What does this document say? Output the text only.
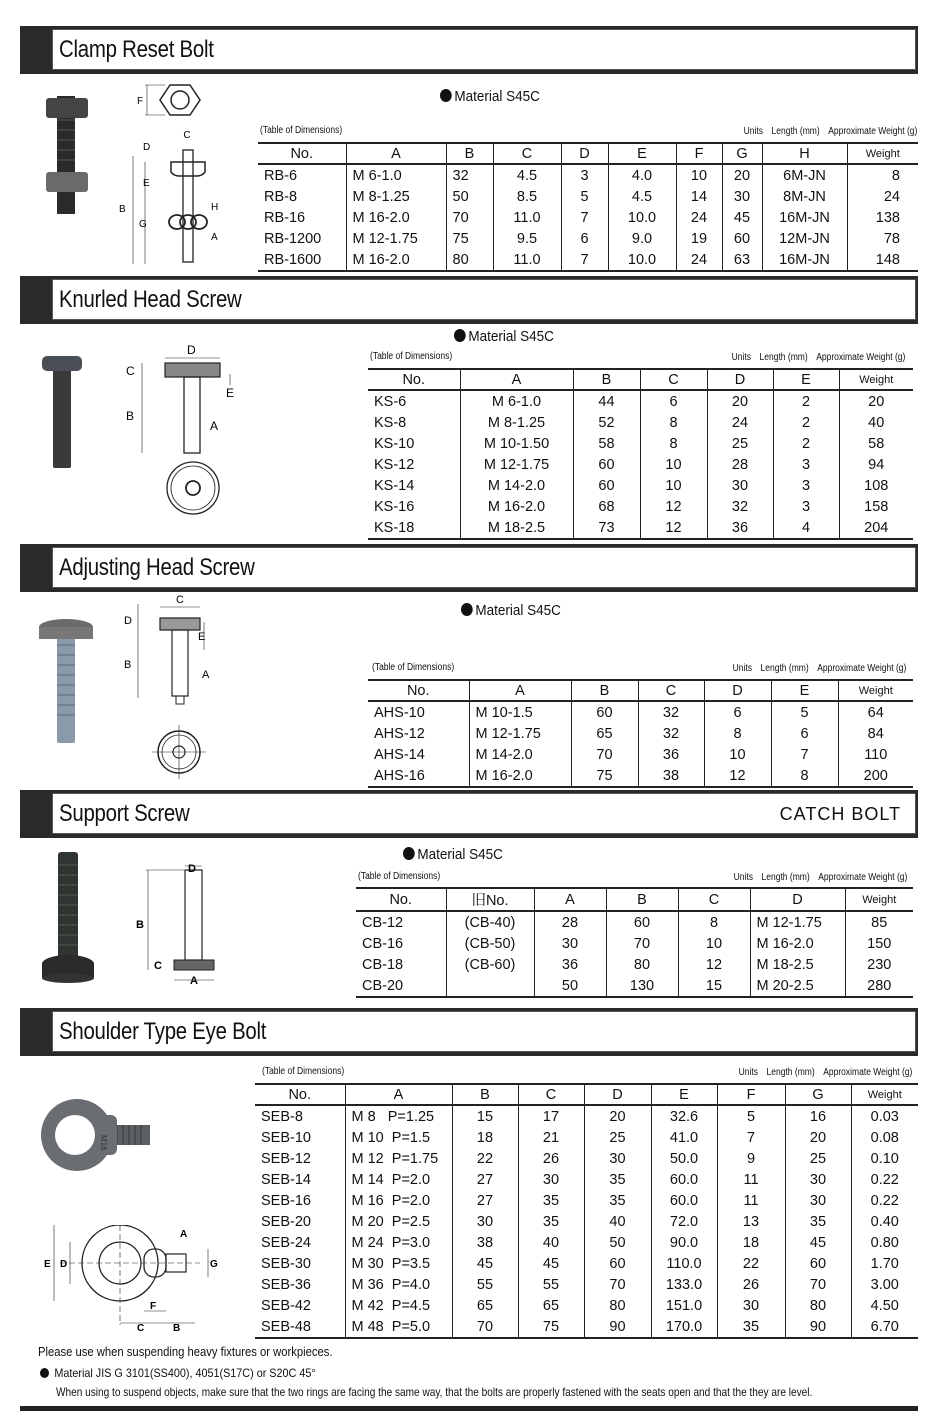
Clamp Reset Bolt
F
C
D
E
B
G
H
A
Material S45C
(Table of Dimensions)	Units Length (mm) Approximate Weight (g)
No.	A	B	C	D	E	F	G	H	Weight
RB-6	M 6-1.0	32	4.5	3	4.0	10	20	6M-JN	8
RB-8	M 8-1.25	50	8.5	5	4.5	14	30	8M-JN	24
RB-16	M 16-2.0	70	11.0	7	10.0	24	45	16M-JN	138
RB-1200	M 12-1.75	75	9.5	6	9.0	19	60	12M-JN	78
RB-1600	M 16-2.0	80	11.0	7	10.0	24	63	16M-JN	148
Knurled Head Screw
D
C
E
B
A
Material S45C
(Table of Dimensions)	Units Length (mm) Approximate Weight (g)
No.	A	B	C	D	E	Weight
KS-6	M 6-1.0	44	6	20	2	20
KS-8	M 8-1.25	52	8	24	2	40
KS-10	M 10-1.50	58	8	25	2	58
KS-12	M 12-1.75	60	10	28	3	94
KS-14	M 14-2.0	60	10	30	3	108
KS-16	M 16-2.0	68	12	32	3	158
KS-18	M 18-2.5	73	12	36	4	204
Adjusting Head Screw
C
D
E
B
A
Material S45C
(Table of Dimensions)	Units Length (mm) Approximate Weight (g)
No.	A	B	C	D	E	Weight
AHS-10	M 10-1.5	60	32	6	5	64
AHS-12	M 12-1.75	65	32	8	6	84
AHS-14	M 14-2.0	70	36	10	7	110
AHS-16	M 16-2.0	75	38	12	8	200
Support Screw	CATCH BOLT
D
B
C
A
Material S45C
(Table of Dimensions)	Units Length (mm) Approximate Weight (g)
No.	旧No.	A	B	C	D	Weight
CB-12	(CB-40)	28	60	8	M 12-1.75	85
CB-16	(CB-50)	30	70	10	M 16-2.0	150
CB-18	(CB-60)	36	80	12	M 18-2.5	230
CB-20		50	130	15	M 20-2.5	280
Shoulder Type Eye Bolt
M16
A
E D	G
F
C	B
(Table of Dimensions)	Units Length (mm) Approximate Weight (g)
No.	A	B	C	D	E	F	G	Weight
SEB-8	M 8   P=1.25	15	17	20	32.6	5	16	0.03
SEB-10	M 10  P=1.5	18	21	25	41.0	7	20	0.08
SEB-12	M 12  P=1.75	22	26	30	50.0	9	25	0.10
SEB-14	M 14  P=2.0	27	30	35	60.0	11	30	0.22
SEB-16	M 16  P=2.0	27	35	35	60.0	11	30	0.22
SEB-20	M 20  P=2.5	30	35	40	72.0	13	35	0.40
SEB-24	M 24  P=3.0	38	40	50	90.0	18	45	0.80
SEB-30	M 30  P=3.5	45	45	60	110.0	22	60	1.70
SEB-36	M 36  P=4.0	55	55	70	133.0	26	70	3.00
SEB-42	M 42  P=4.5	65	65	80	151.0	30	80	4.50
SEB-48	M 48  P=5.0	70	75	90	170.0	35	90	6.70
Please use when suspending heavy fixtures or workpieces.
Material JIS G 3101(SS400), 4051(S17C) or S20C 45°
When using to suspend objects, make sure that the two rings are facing the same way, that the bolts are properly fastened with the seats open and that the they are level.
